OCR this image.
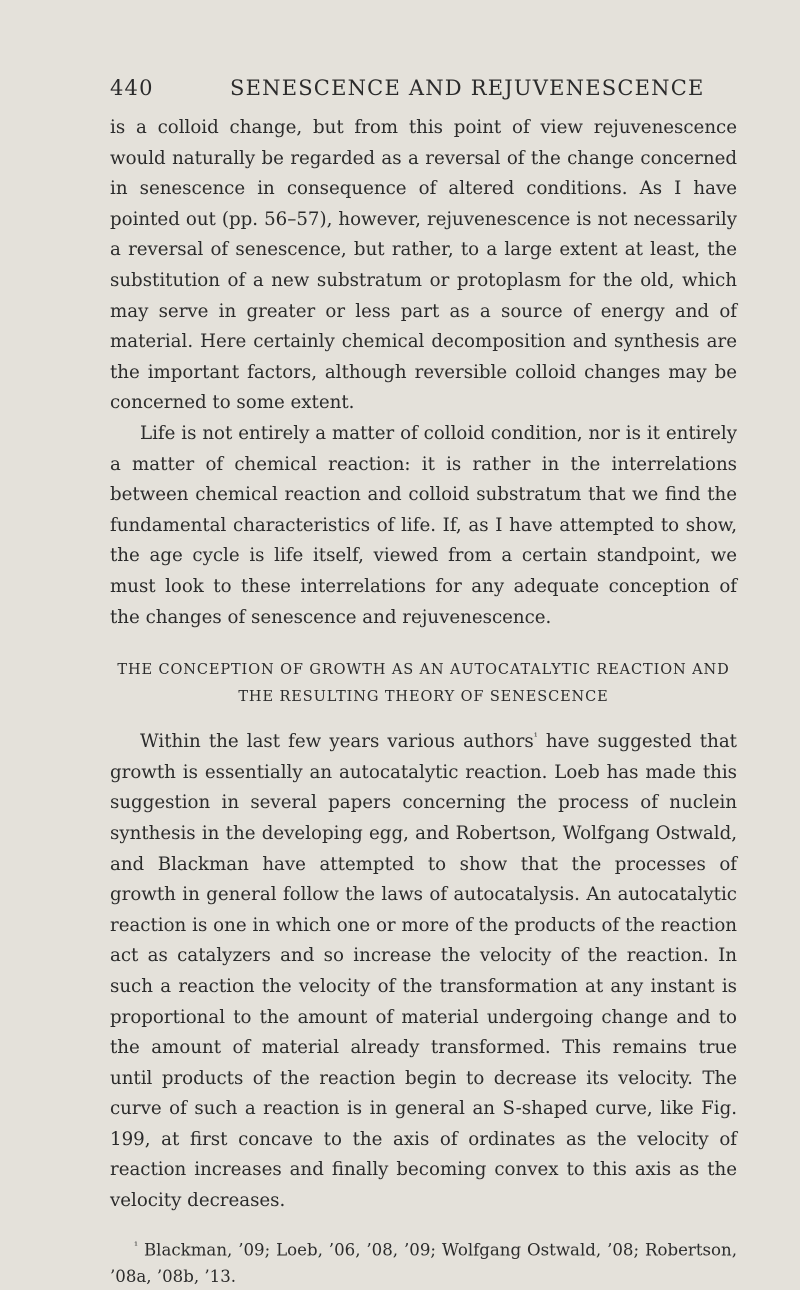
440	SENESCENCE AND REJUVENESCENCE

is a colloid change, but from this point of view rejuvenescence would naturally be regarded as a reversal of the change concerned in senescence in consequence of altered conditions. As I have pointed out (pp. 56–57), however, rejuvenescence is not necessarily a reversal of senescence, but rather, to a large extent at least, the substitution of a new substratum or protoplasm for the old, which may serve in greater or less part as a source of energy and of material. Here certainly chemical decomposition and synthesis are the important factors, although reversible colloid changes may be concerned to some extent.

Life is not entirely a matter of colloid condition, nor is it entirely a matter of chemical reaction: it is rather in the interrelations between chemical reaction and colloid substratum that we find the fundamental characteristics of life. If, as I have attempted to show, the age cycle is life itself, viewed from a certain standpoint, we must look to these interrelations for any adequate conception of the changes of senescence and rejuvenescence.

THE CONCEPTION OF GROWTH AS AN AUTOCATALYTIC REACTION AND THE RESULTING THEORY OF SENESCENCE

Within the last few years various authors$^{^1}$ have suggested that growth is essentially an autocatalytic reaction. Loeb has made this suggestion in several papers concerning the process of nuclein synthesis in the developing egg, and Robertson, Wolfgang Ostwald, and Blackman have attempted to show that the processes of growth in general follow the laws of autocatalysis. An autocatalytic reaction is one in which one or more of the products of the reaction act as catalyzers and so increase the velocity of the reaction. In such a reaction the velocity of the transformation at any instant is proportional to the amount of material undergoing change and to the amount of material already transformed. This remains true until products of the reaction begin to decrease its velocity. The curve of such a reaction is in general an S-shaped curve, like Fig. 199, at first concave to the axis of ordinates as the velocity of reaction increases and finally becoming convex to this axis as the velocity decreases.

$^{^1}$ Blackman, ’09; Loeb, ’06, ’08, ’09; Wolfgang Ostwald, ’08; Robertson, ’08a, ’08b, ’13.
